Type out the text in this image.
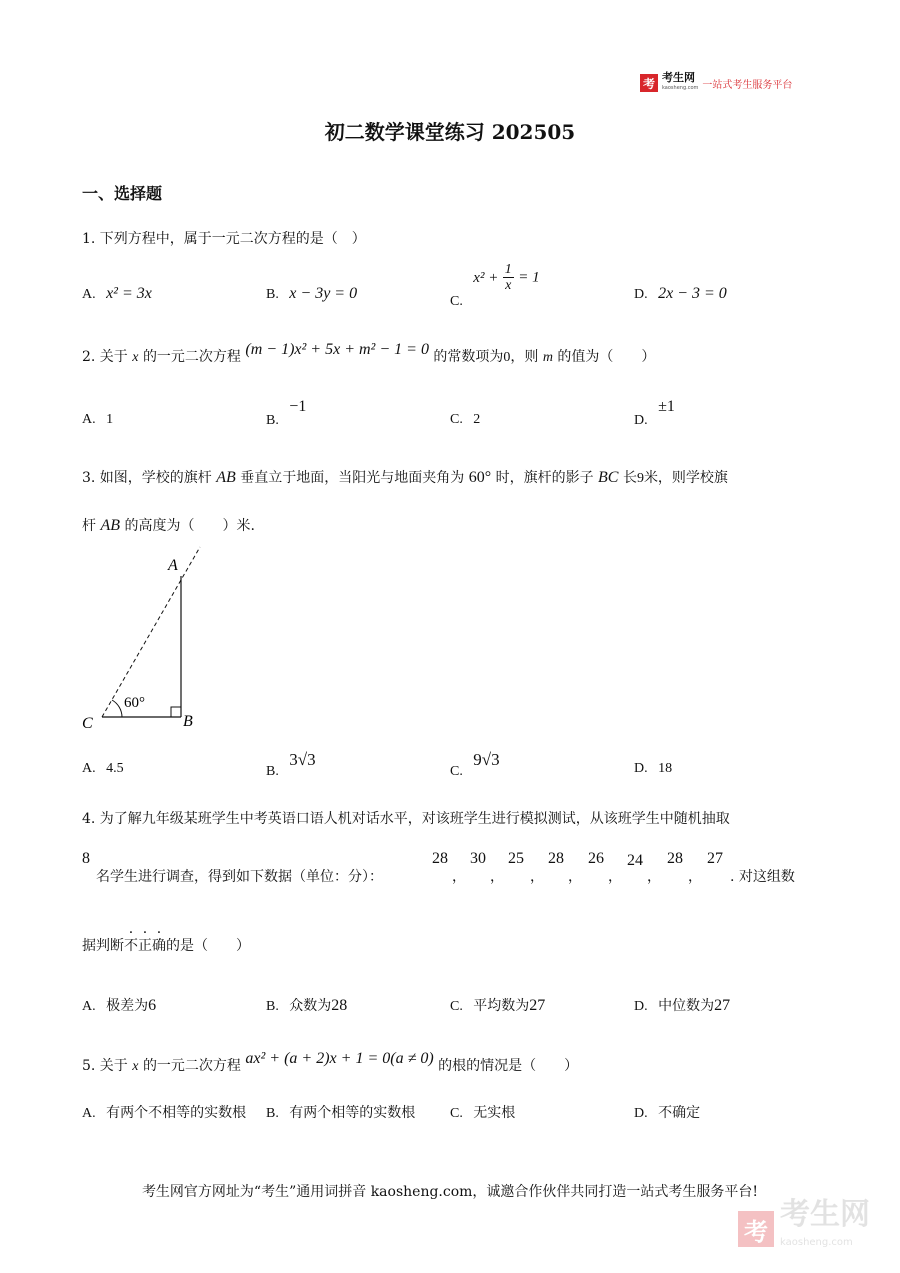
考 考生网
kaosheng.com 一站式考生服务平台
初二数学课堂练习 202505
一、选择题
1. 下列方程中，属于一元二次方程的是（　）
A. x² = 3x	B. x − 3y = 0	C. $x^2 + \frac{1}{x} = 1$
D. 2x − 3 = 0
2. 关于 x 的一元二次方程 (m − 1)x² + 5x + m² − 1 = 0 的常数项为0，则 m 的值为（　　）
A. 1	B. −1
C. 2	D. ±1
3. 如图，学校的旗杆 AB 垂直立于地面，当阳光与地面夹角为 60° 时，旗杆的影子 BC 长9米，则学校旗
杆 AB 的高度为（　　）米.
A
B
C
60°
A. 4.5	B. 3√3
C. 9√3	D. 18
4. 为了解九年级某班学生中考英语口语人机对话水平，对该班学生进行模拟测试，从该班学生中随机抽取
8
名学生进行调查，得到如下数据（单位：分）：
28
，
30
，
25
，
28
，
26
，
24
，
28
，
27
. 对这组数
据判断不正确的是（　　）
A. 极差为6	B. 众数为28	C. 平均数为27	D. 中位数为27
5. 关于 x 的一元二次方程 ax² + (a + 2)x + 1 = 0(a ≠ 0) 的根的情况是（　　）
A. 有两个不相等的实数根 B. 有两个相等的实数根 C. 无实根	D. 不确定
考生网官方网址为“考生”通用词拼音 kaosheng.com，诚邀合作伙伴共同打造一站式考生服务平台!
考 考生网
kaosheng.com
